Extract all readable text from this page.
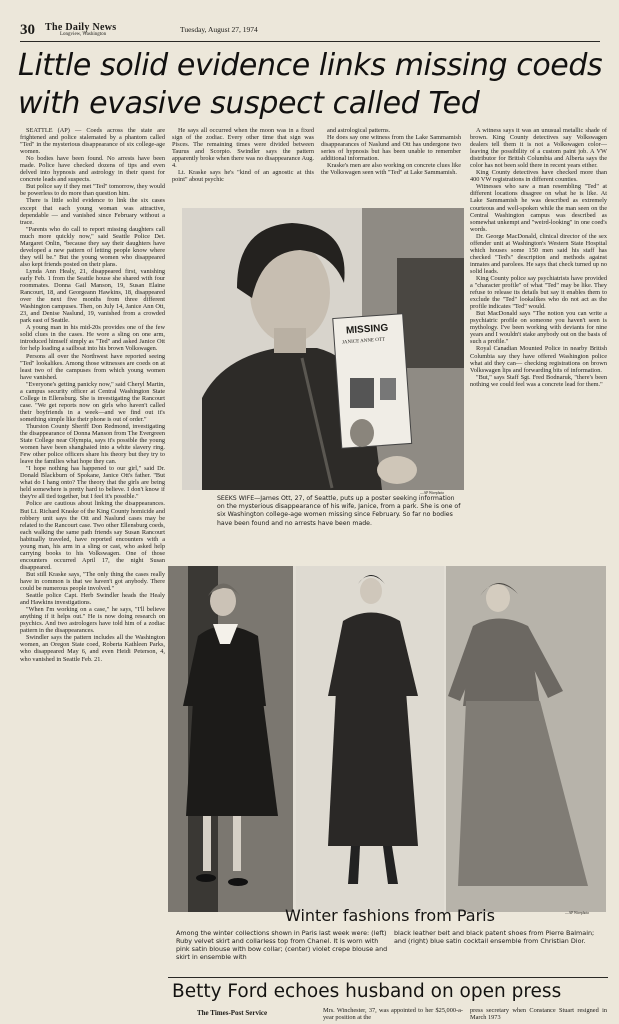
30 The Daily News
Longview, Washington
Tuesday, August 27, 1974
Little solid evidence links missing coeds with evasive suspect called Ted

SEATTLE (AP) — Coeds across the state are frightened and police stalemated by a phantom called "Ted" in the mysterious disappearance of six college-age women.

No bodies have been found. No arrests have been made. Police have checked dozens of tips and even delved into hypnosis and astrology in their quest for concrete leads and suspects.

But police say if they met "Ted" tomorrow, they would be powerless to do more than question him.

There is little solid evidence to link the six cases except that each young woman was attractive, dependable — and vanished since February without a trace.

"Parents who do call to report missing daughters call much more quickly now," said Seattle Police Det. Margaret Onlin, "because they say their daughters have developed a new pattern of letting people know where they will be." But the young women who disappeared also kept friends posted on their plans.

Lynda Ann Healy, 21, disappeared first, vanishing early Feb. 1 from the Seattle house she shared with four roommates. Donna Gail Manson, 19, Susan Elaine Rancourt, 18, and Georgeann Hawkins, 18, disappeared over the next five months from three different Washington campuses. Then, on July 14, Janice Ann Ott, 23, and Denise Naslund, 19, vanished from a crowded park east of Seattle.

A young man in his mid-20s provides one of the few solid clues in the cases. He wore a sling on one arm, introduced himself simply as "Ted" and asked Janice Ott for help loading a sailboat into his brown Volkswagen.

Persons all over the Northwest have reported seeing "Ted" lookalikes. Among those witnesses are coeds on at least two of the campuses from which young women have vanished.

"Everyone's getting panicky now," said Cheryl Martin, a campus security officer at Central Washington State College in Ellensburg. She is investigating the Rancourt case. "We get reports now on girls who haven't called their boyfriends in a week—and we find out it's something simple like their phone is out of order."

Thurston County Sheriff Don Redmond, investigating the disappearance of Donna Manson from The Evergreen State College near Olympia, says it's possible the young women have been shanghaied into a white slavery ring. Few other police officers share his theory but they try to leave the families what hope they can.

"I hope nothing has happened to our girl," said Dr. Donald Blackburn of Spokane, Janice Ott's father. "But what do I hang onto? The theory that the girls are being held somewhere is pretty hard to believe. I don't know if they're all tied together, but I feel it's possible."

Police are cautious about linking the disappearances. But Lt. Richard Kraske of the King County homicide and robbery unit says the Ott and Naslund cases may be related to the Rancourt case. Two other Ellensburg coeds, each walking the same path friends say Susan Rancourt habitually traveled, have reported encounters with a young man, his arm in a sling or cast, who asked help carrying books to his Volkswagen. One of those encounters occurred April 17, the night Susan disappeared.

But still Kraske says, "The only thing the cases really have in common is that we haven't got anybody. There could be numerous people involved."

Seattle police Capt. Herb Swindler heads the Healy and Hawkins investigations.

"When I'm working on a case," he says, "I'll believe anything if it helps out." He is now doing research on psychics. And two astrologers have told him of a zodiac pattern in the disappearances.

Swindler says the pattern includes all the Washington women, an Oregon State coed, Roberta Kathleen Parks, who disappeared May 6, and even Heidi Peterson, 4, who vanished in Seattle Feb. 21.

He says all occurred when the moon was in a fixed sign of the zodiac. Every other time that sign was Pisces. The remaining times were divided between Taurus and Scorpio. Swindler says the pattern apparently broke when there was no disappearance Aug. 4.

Lt. Kraske says he's "kind of an agnostic at this point" about psychic

and astrological patterns.

He does say one witness from the Lake Sammamish disappearances of Naslund and Ott has undergone two series of hypnosis but has been unable to remember additional information.

Kraske's men are also working on concrete clues like the Volkswagen seen with "Ted" at Lake Sammamish.

A witness says it was an unusual metallic shade of brown. King County detectives say Volkswagen dealers tell them it is not a Volkswagen color—leaving the possibility of a custom paint job. A VW distributor for British Columbia and Alberta says the color has not been sold there in recent years either.

King County detectives have checked more than 400 VW registrations in different counties.

Witnesses who saw a man resembling "Ted" at different locations disagree on what he is like. At Lake Sammamish he was described as extremely courteous and well-spoken while the man seen on the Central Washington campus was described as somewhat unkempt and "weird-looking" in one coed's words.

Dr. George MacDonald, clinical director of the sex offender unit at Washington's Western State Hospital which houses some 150 men said his staff has checked "Ted's" description and methods against inmates and parolees. He says that check turned up no solid leads.

King County police say psychiatrists have provided a "character profile" of what "Ted" may be like. They refuse to release its details but say it enables them to exclude the "Ted" lookalikes who do not act as the profile indicates "Ted" would.

But MacDonald says "The notion you can write a psychiatric profile on someone you haven't seen is mythology. I've been working with deviants for nine years and I wouldn't stake anybody out on the basis of such a profile."

Royal Canadian Mounted Police in nearby British Columbia say they have offered Washington police what aid they can— checking registrations on brown Volkswagen lips and forwarding bits of information.

"But," says Staff Sgt. Fred Bodnaruk, "there's been nothing we could feel was a concrete lead for them."

MISSING
JANICE ANNE OTT
—AP Wirephoto
SEEKS WIFE—James Ott, 27, of Seattle, puts up a poster seeking information on the mysterious disappearance of his wife, Janice, from a park. She is one of six Washington college-age women missing since February. So far no bodies have been found and no arrests have been made.
Winter fashions from Paris	—AP Wirephoto
Among the winter collections shown in Paris last week were: (left) Ruby velvet skirt and collarless top from Chanel. It is worn with pink satin blouse with bow collar; (center) violet crepe blouse and skirt in ensemble with
black leather belt and black patent shoes from Pierre Balmain; and (right) blue satin cocktail ensemble from Christian Dior.
Betty Ford echoes husband on open press
The Times-Post Service	Mrs. Winchester, 37, was appointed to her $25,000-a-year position at the
press secretary when Constance Stuart resigned in March 1973
